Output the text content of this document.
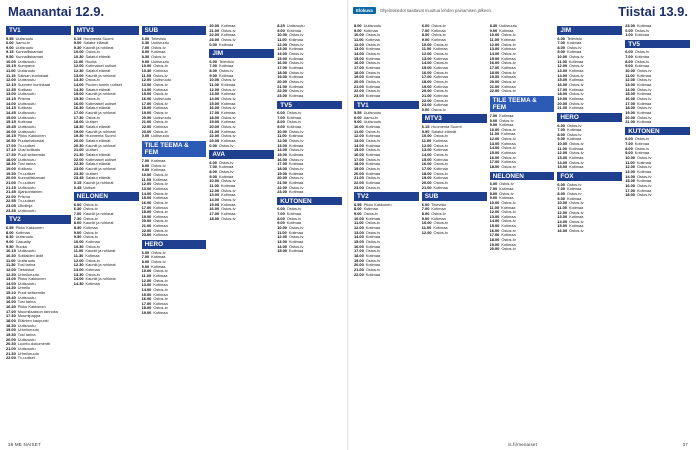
Maanantai 12.9.
TV1
5.55 Uutisruutu
6.00 Aamu-tv
9.00 Uutisruutu
9.15 Kunnalliskamari
9.50 Kunnalliskamari
10.00 Uutisruutu
10.15 Kumparot
11.00 Uutisruutu
11.15 Saksan kuninkaat
12.00 Uutisruutu
12.15 Suomen kuninkaat
12.35 Kotikatu
13.00 Uutisruutu
13.15 Prisma
14.00 Uutisruutu
14.15 Kotikatu
14.45 Uutisruutu
15.00 Uutisruutu
15.15 Kotimaa
15.45 Uutisruutu
16.00 Uutisruutu
16.15 Pikku Kakkonen
16.50 Puutarhatorstai
17.00 Tv-uutiset
17.10 Uusi kotikatu
17.30 Puoli seitsemän
18.00 Uutisruutu
18.30 Tosi tarina
19.00 Kotikatu
19.30 Tv-uutiset
20.00 Kunnalliskamari
21.00 Tv-uutiset
21.15 Uutisruutu
21.45 Ajankohtainen
22.00 Prisma
22.55 Tv-uutiset
23.05 Ulkolinja
23.35 Uutisruutu
TV2
6.55 Pikku Kakkonen
8.00 Kotimaa
8.30 Uutisruutu
9.00 Casualty
9.50 Ruoka
10.15 Uutisruutu
10.30 Sotilaiden äidit
11.00 Uutisruutu
11.30 Tosi tarina
12.00 Tietoiskut
12.30 Urheiluruutu
13.00 Pikku Kakkonen
14.00 Uutisruutu
14.30 Urheilu
15.10 Puoli seitsemän
15.40 Uutisruutu
16.00 Tosi tarina
16.30 Pikku Kakkonen
17.00 Muumilaakson tarinoita
17.30 Muumipappa
18.00 Eläinten kaupunki
18.30 Uutisruutu
19.00 Urheiluruutu
19.30 Tosi tarina
20.00 Uutisruutu
20.30 Luonto-dokumentti
21.00 Uutisruutu
21.30 Urheiluruutu
22.00 Tv-uutiset
MTV3
6.15 Huomenta Suomi
9.00 Salatut elämät
9.30 Kauniit ja rohkeat
10.00 Ostos-tv
10.30 Salatut elämät
11.00 Ruoka
12.00 Kotimaiset uutiset
12.30 Salatut elämät
13.00 Kauniit ja rohkeat
13.30 Ostos-tv
14.00 Puolen tunnin uutiset
14.30 Salatut elämät
15.00 Kauniit ja rohkeat
15.30 Ostos-tv
16.00 Kotimaiset uutiset
16.30 Salatut elämät
17.00 Kauniit ja rohkeat
17.30 Ostos-tv
18.00 Uutiset
18.30 Salatut elämät
19.00 Kauniit ja rohkeat
19.30 Huomenta Suomi
20.00 Salatut elämät
20.30 Kauniit ja rohkeat
21.00 Uutiset
21.30 Salatut elämät
22.00 Kotimaiset uutiset
22.30 Salatut elämät
23.00 Kauniit ja rohkeat
23.30 Uutiset
23.45 Salatut elämät
0.15 Kauniit ja rohkeat
0.45 Uutiset
NELONEN
6.00 Ostos-tv
6.30 Ostos-tv
7.00 Kauniit ja rohkeat
7.30 Ostos-tv
8.00 Kauniit ja rohkeat
8.30 Kotimaa
9.00 Ostos-tv
9.30 Ostos-tv
10.00 Kotimaa
10.30 Ostos-tv
11.00 Kauniit ja rohkeat
11.30 Kotimaa
12.00 Ostos-tv
12.30 Kauniit ja rohkeat
13.00 Kotimaa
13.30 Ostos-tv
14.00 Kauniit ja rohkeat
14.30 Kotimaa
SUB
6.00 Televisio
6.30 Uutisruutu
7.00 Ostos-tv
8.00 Kotimaa
8.30 Ostos-tv
9.00 Uutisruutu
10.00 Ostos-tv
10.30 Kotimaa
11.00 Ostos-tv
12.00 Uutisruutu
13.00 Ostos-tv
14.00 Kotimaa
15.00 Ostos-tv
16.00 Uutisruutu
17.00 Ostos-tv
18.00 Kotimaa
19.00 Ostos-tv
20.00 Uutisruutu
21.00 Ostos-tv
22.00 Kotimaa
23.00 Ostos-tv
0.00 Uutisruutu
TILE TEEMA & FEM
7.00 Kotimaa
8.00 Ostos-tv
9.00 Kotimaa
10.00 Ostos-tv
11.00 Kotimaa
12.00 Ostos-tv
13.00 Kotimaa
14.00 Ostos-tv
15.00 Kotimaa
16.00 Ostos-tv
17.00 Kotimaa
18.00 Ostos-tv
19.00 Kotimaa
20.00 Ostos-tv
21.00 Kotimaa
22.00 Ostos-tv
23.00 Kotimaa
HERO
6.00 Ostos-tv
7.00 Kotimaa
8.00 Ostos-tv
9.00 Kotimaa
10.00 Ostos-tv
11.00 Kotimaa
12.00 Ostos-tv
13.00 Kotimaa
14.00 Ostos-tv
15.00 Kotimaa
16.00 Ostos-tv
17.00 Kotimaa
18.00 Ostos-tv
19.00 Kotimaa
20.00 Kotimaa
21.00 Ostos-tv
22.00 Kotimaa
23.00 Ostos-tv
0.00 Kotimaa
JIM
6.00 Televisio
7.00 Kotimaa
8.00 Ostos-tv
9.00 Kotimaa
10.00 Ostos-tv
11.00 Kotimaa
12.00 Ostos-tv
13.00 Kotimaa
14.00 Ostos-tv
15.00 Kotimaa
16.00 Ostos-tv
17.00 Kotimaa
18.00 Ostos-tv
19.00 Kotimaa
20.00 Ostos-tv
21.00 Kotimaa
22.00 Ostos-tv
23.00 Kotimaa
0.00 Ostos-tv
AVA
6.00 Ostos-tv
7.00 Kotimaa
8.00 Ostos-tv
9.00 Kotimaa
10.00 Ostos-tv
11.00 Kotimaa
12.00 Ostos-tv
13.00 Kotimaa
14.00 Ostos-tv
15.00 Kotimaa
16.00 Ostos-tv
17.00 Kotimaa
18.00 Ostos-tv
8.25 Uutisruutu
9.00 Kotimaa
10.00 Ostos-tv
11.00 Kotimaa
12.00 Ostos-tv
13.00 Kotimaa
14.00 Ostos-tv
15.00 Kotimaa
16.00 Ostos-tv
17.00 Kotimaa
18.00 Ostos-tv
19.00 Kotimaa
20.00 Ostos-tv
21.00 Kotimaa
22.00 Ostos-tv
23.00 Kotimaa
TV5
6.00 Ostos-tv
7.00 Kotimaa
8.00 Ostos-tv
9.00 Kotimaa
10.00 Ostos-tv
11.00 Kotimaa
12.00 Ostos-tv
13.00 Kotimaa
14.00 Ostos-tv
15.00 Kotimaa
16.00 Ostos-tv
17.00 Kotimaa
18.00 Ostos-tv
19.00 Kotimaa
20.00 Ostos-tv
21.00 Kotimaa
22.00 Ostos-tv
23.00 Kotimaa
KUTONEN
6.00 Ostos-tv
7.00 Kotimaa
8.00 Ostos-tv
9.00 Kotimaa
10.00 Ostos-tv
11.00 Kotimaa
12.00 Ostos-tv
13.00 Kotimaa
14.00 Ostos-tv
15.00 Kotimaa
36 ME NAISET
Elokuva	Ohjelmatiedot saattavat muuttua lehden painamisen jälkeen.	Tiistai 13.9.
8.00 Uutisruutu
9.00 Kotimaa
10.00 Ostos-tv
11.00 Kotimaa
12.00 Ostos-tv
13.00 Kotimaa
14.00 Ostos-tv
15.00 Kotimaa
16.00 Ostos-tv
17.00 Kotimaa
18.00 Ostos-tv
19.00 Kotimaa
20.00 Ostos-tv
21.00 Kotimaa
22.00 Ostos-tv
23.00 Kotimaa
TV1
5.55 Uutisruutu
6.00 Aamu-tv
9.00 Uutisruutu
10.00 Kotimaa
11.00 Ostos-tv
12.00 Kotimaa
13.00 Ostos-tv
14.00 Kotimaa
15.00 Ostos-tv
16.00 Kotimaa
17.00 Ostos-tv
18.00 Kotimaa
19.00 Ostos-tv
20.00 Kotimaa
21.00 Ostos-tv
22.00 Kotimaa
23.00 Ostos-tv
TV2
6.55 Pikku Kakkonen
8.00 Kotimaa
9.00 Ostos-tv
10.00 Kotimaa
11.00 Ostos-tv
12.00 Kotimaa
13.00 Ostos-tv
14.00 Kotimaa
15.00 Ostos-tv
16.00 Kotimaa
17.00 Ostos-tv
18.00 Kotimaa
19.00 Ostos-tv
20.00 Kotimaa
21.00 Ostos-tv
22.00 Kotimaa
6.00 Ostos-tv
7.00 Kotimaa
8.00 Ostos-tv
9.00 Kotimaa
10.00 Ostos-tv
11.00 Kotimaa
12.00 Ostos-tv
13.00 Kotimaa
14.00 Ostos-tv
15.00 Kotimaa
16.00 Ostos-tv
17.00 Kotimaa
18.00 Ostos-tv
19.00 Kotimaa
20.00 Ostos-tv
21.00 Kotimaa
22.00 Ostos-tv
23.00 Kotimaa
0.00 Ostos-tv
MTV3
6.15 Huomenta Suomi
9.00 Salatut elämät
10.00 Ostos-tv
11.00 Kotimaa
12.00 Ostos-tv
13.00 Kotimaa
14.00 Ostos-tv
15.00 Kotimaa
16.00 Ostos-tv
17.00 Kotimaa
18.00 Ostos-tv
19.00 Kotimaa
20.00 Ostos-tv
21.00 Kotimaa
SUB
6.00 Televisio
7.00 Kotimaa
8.00 Ostos-tv
9.00 Kotimaa
10.00 Ostos-tv
11.00 Kotimaa
12.00 Ostos-tv
8.30 Uutisruutu
9.00 Kotimaa
10.00 Ostos-tv
11.00 Kotimaa
12.00 Ostos-tv
13.00 Kotimaa
14.00 Ostos-tv
15.00 Kotimaa
16.00 Ostos-tv
17.00 Kotimaa
18.00 Ostos-tv
19.00 Kotimaa
20.00 Ostos-tv
21.00 Kotimaa
22.00 Ostos-tv
TILE TEEMA & FEM
7.00 Kotimaa
8.00 Ostos-tv
9.00 Kotimaa
10.00 Ostos-tv
11.00 Kotimaa
12.00 Ostos-tv
13.00 Kotimaa
14.00 Ostos-tv
15.00 Kotimaa
16.00 Ostos-tv
17.00 Kotimaa
18.00 Ostos-tv
NELONEN
6.00 Ostos-tv
7.00 Kotimaa
8.00 Ostos-tv
9.00 Kotimaa
10.00 Ostos-tv
11.00 Kotimaa
12.00 Ostos-tv
13.00 Kotimaa
14.00 Ostos-tv
15.00 Kotimaa
16.00 Ostos-tv
17.00 Kotimaa
18.00 Ostos-tv
19.00 Kotimaa
20.00 Ostos-tv
JIM
6.00 Televisio
7.00 Kotimaa
8.00 Ostos-tv
9.00 Kotimaa
10.00 Ostos-tv
11.00 Kotimaa
12.00 Ostos-tv
13.00 Kotimaa
14.00 Ostos-tv
15.00 Kotimaa
16.00 Ostos-tv
17.00 Kotimaa
18.00 Ostos-tv
19.00 Kotimaa
20.00 Ostos-tv
21.00 Kotimaa
HERO
6.00 Ostos-tv
7.00 Kotimaa
8.00 Ostos-tv
9.00 Kotimaa
10.00 Ostos-tv
11.00 Kotimaa
12.00 Ostos-tv
13.00 Kotimaa
14.00 Ostos-tv
15.00 Kotimaa
FOX
6.00 Ostos-tv
7.00 Kotimaa
8.00 Ostos-tv
9.00 Kotimaa
10.00 Ostos-tv
11.00 Kotimaa
12.00 Ostos-tv
13.00 Kotimaa
14.00 Ostos-tv
15.00 Kotimaa
16.00 Ostos-tv
23.00 Kotimaa
0.00 Ostos-tv
1.00 Kotimaa
TV5
6.00 Ostos-tv
7.00 Kotimaa
8.00 Ostos-tv
9.00 Kotimaa
10.00 Ostos-tv
11.00 Kotimaa
12.00 Ostos-tv
13.00 Kotimaa
14.00 Ostos-tv
15.00 Kotimaa
16.00 Ostos-tv
17.00 Kotimaa
18.00 Ostos-tv
19.00 Kotimaa
20.00 Ostos-tv
21.00 Kotimaa
KUTONEN
6.00 Ostos-tv
7.00 Kotimaa
8.00 Ostos-tv
9.00 Kotimaa
10.00 Ostos-tv
11.00 Kotimaa
12.00 Ostos-tv
13.00 Kotimaa
14.00 Ostos-tv
15.00 Kotimaa
16.00 Ostos-tv
17.00 Kotimaa
18.00 Ostos-tv
is.fi/menaiset	37
